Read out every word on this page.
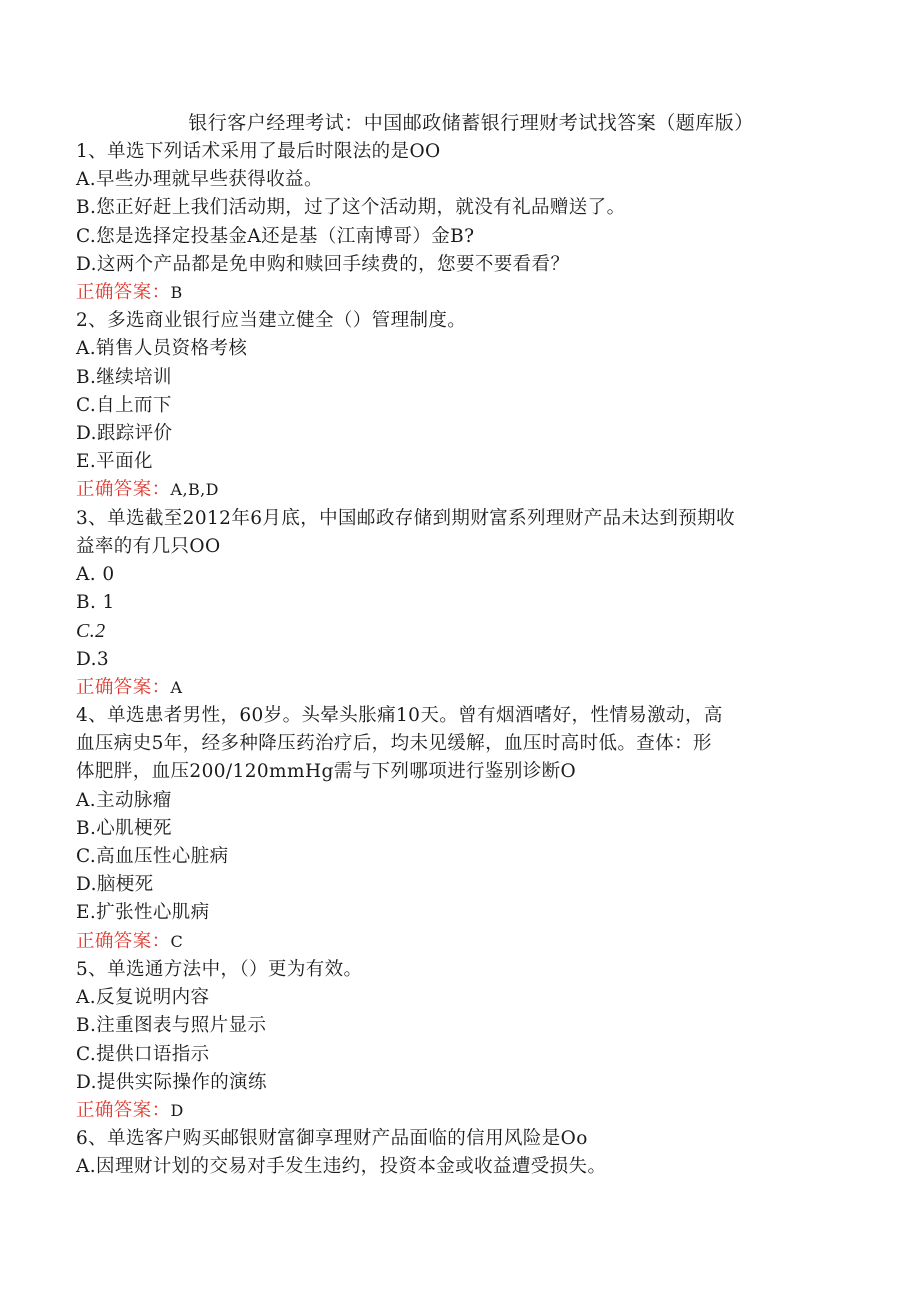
银行客户经理考试：中国邮政储蓄银行理财考试找答案（题库版）
1、单选下列话术采用了最后时限法的是OO
A.早些办理就早些获得收益。
B.您正好赶上我们活动期，过了这个活动期，就没有礼品赠送了。
C.您是选择定投基金A还是基（江南博哥）金B?
D.这两个产品都是免申购和赎回手续费的，您要不要看看？
正确答案：B
2、多选商业银行应当建立健全（）管理制度。
A.销售人员资格考核
B.继续培训
C.自上而下
D.跟踪评价
E.平面化
正确答案：A,B,D
3、单选截至2012年6月底，中国邮政存储到期财富系列理财产品未达到预期收
益率的有几只OO
A. 0
B. 1
C.2
D.3
正确答案：A
4、单选患者男性，60岁。头晕头胀痛10天。曾有烟酒嗜好，性情易激动，高
血压病史5年，经多种降压药治疗后，均未见缓解，血压时高时低。查体：形
体肥胖，血压200/120mmHg需与下列哪项进行鉴别诊断O
A.主动脉瘤
B.心肌梗死
C.高血压性心脏病
D.脑梗死
E.扩张性心肌病
正确答案：C
5、单选通方法中，（）更为有效。
A.反复说明内容
B.注重图表与照片显示
C.提供口语指示
D.提供实际操作的演练
正确答案：D
6、单选客户购买邮银财富御享理财产品面临的信用风险是Oo
A.因理财计划的交易对手发生违约，投资本金或收益遭受损失。
